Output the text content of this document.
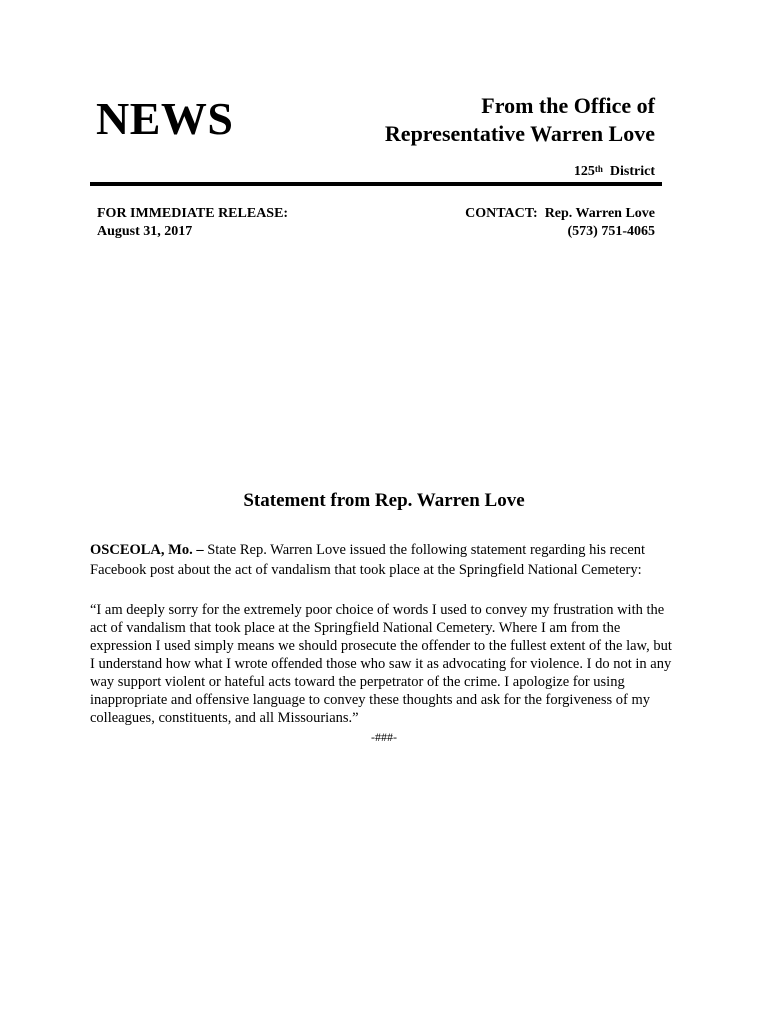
NEWS	From the Office of
Representative Warren Love
125th District
FOR IMMEDIATE RELEASE:
August 31, 2017
CONTACT: Rep. Warren Love
(573) 751-4065
Statement from Rep. Warren Love
OSCEOLA, Mo. – State Rep. Warren Love issued the following statement regarding his recent Facebook post about the act of vandalism that took place at the Springfield National Cemetery:
“I am deeply sorry for the extremely poor choice of words I used to convey my frustration with the act of vandalism that took place at the Springfield National Cemetery. Where I am from the expression I used simply means we should prosecute the offender to the fullest extent of the law, but I understand how what I wrote offended those who saw it as advocating for violence. I do not in any way support violent or hateful acts toward the perpetrator of the crime. I apologize for using inappropriate and offensive language to convey these thoughts and ask for the forgiveness of my colleagues, constituents, and all Missourians.”
-###-
